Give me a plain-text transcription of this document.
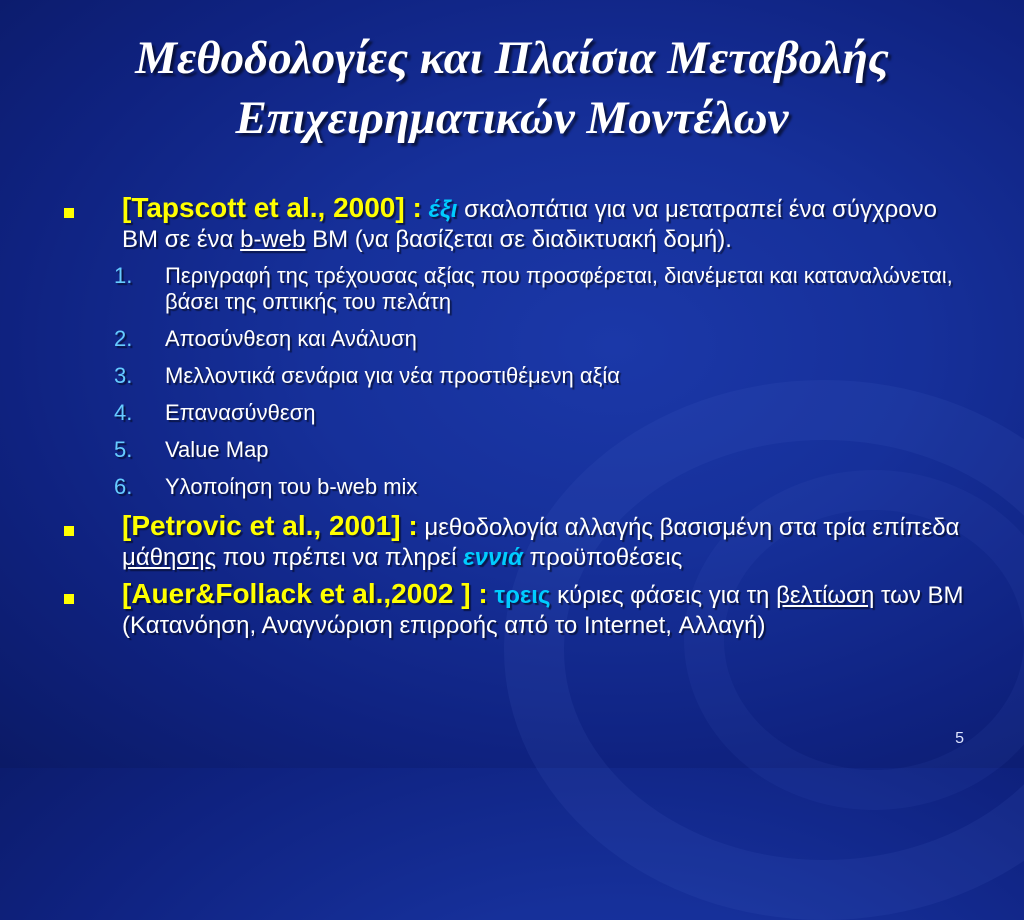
Μεθοδολογίες και Πλαίσια Μεταβολής
Επιχειρηματικών Μοντέλων
[Tapscott et al., 2000] : έξι σκαλοπάτια για να μετατραπεί ένα σύγχρονο BM σε ένα b-web BM (να βασίζεται σε διαδικτυακή δομή).
1. Περιγραφή της τρέχουσας αξίας που προσφέρεται, διανέμεται και καταναλώνεται, βάσει της οπτικής του πελάτη
2. Αποσύνθεση και Ανάλυση
3. Μελλοντικά σενάρια για νέα προστιθέμενη αξία
4. Επανασύνθεση
5. Value Map
6. Υλοποίηση του b-web mix
[Petrovic et al., 2001] : μεθοδολογία αλλαγής βασισμένη στα τρία επίπεδα μάθησης που πρέπει να πληρεί εννιά προϋποθέσεις
[Auer&Follack et al.,2002 ] : τρεις κύριες φάσεις για τη βελτίωση των BM (Κατανόηση, Αναγνώριση επιρροής από το Internet, Αλλαγή)
5
